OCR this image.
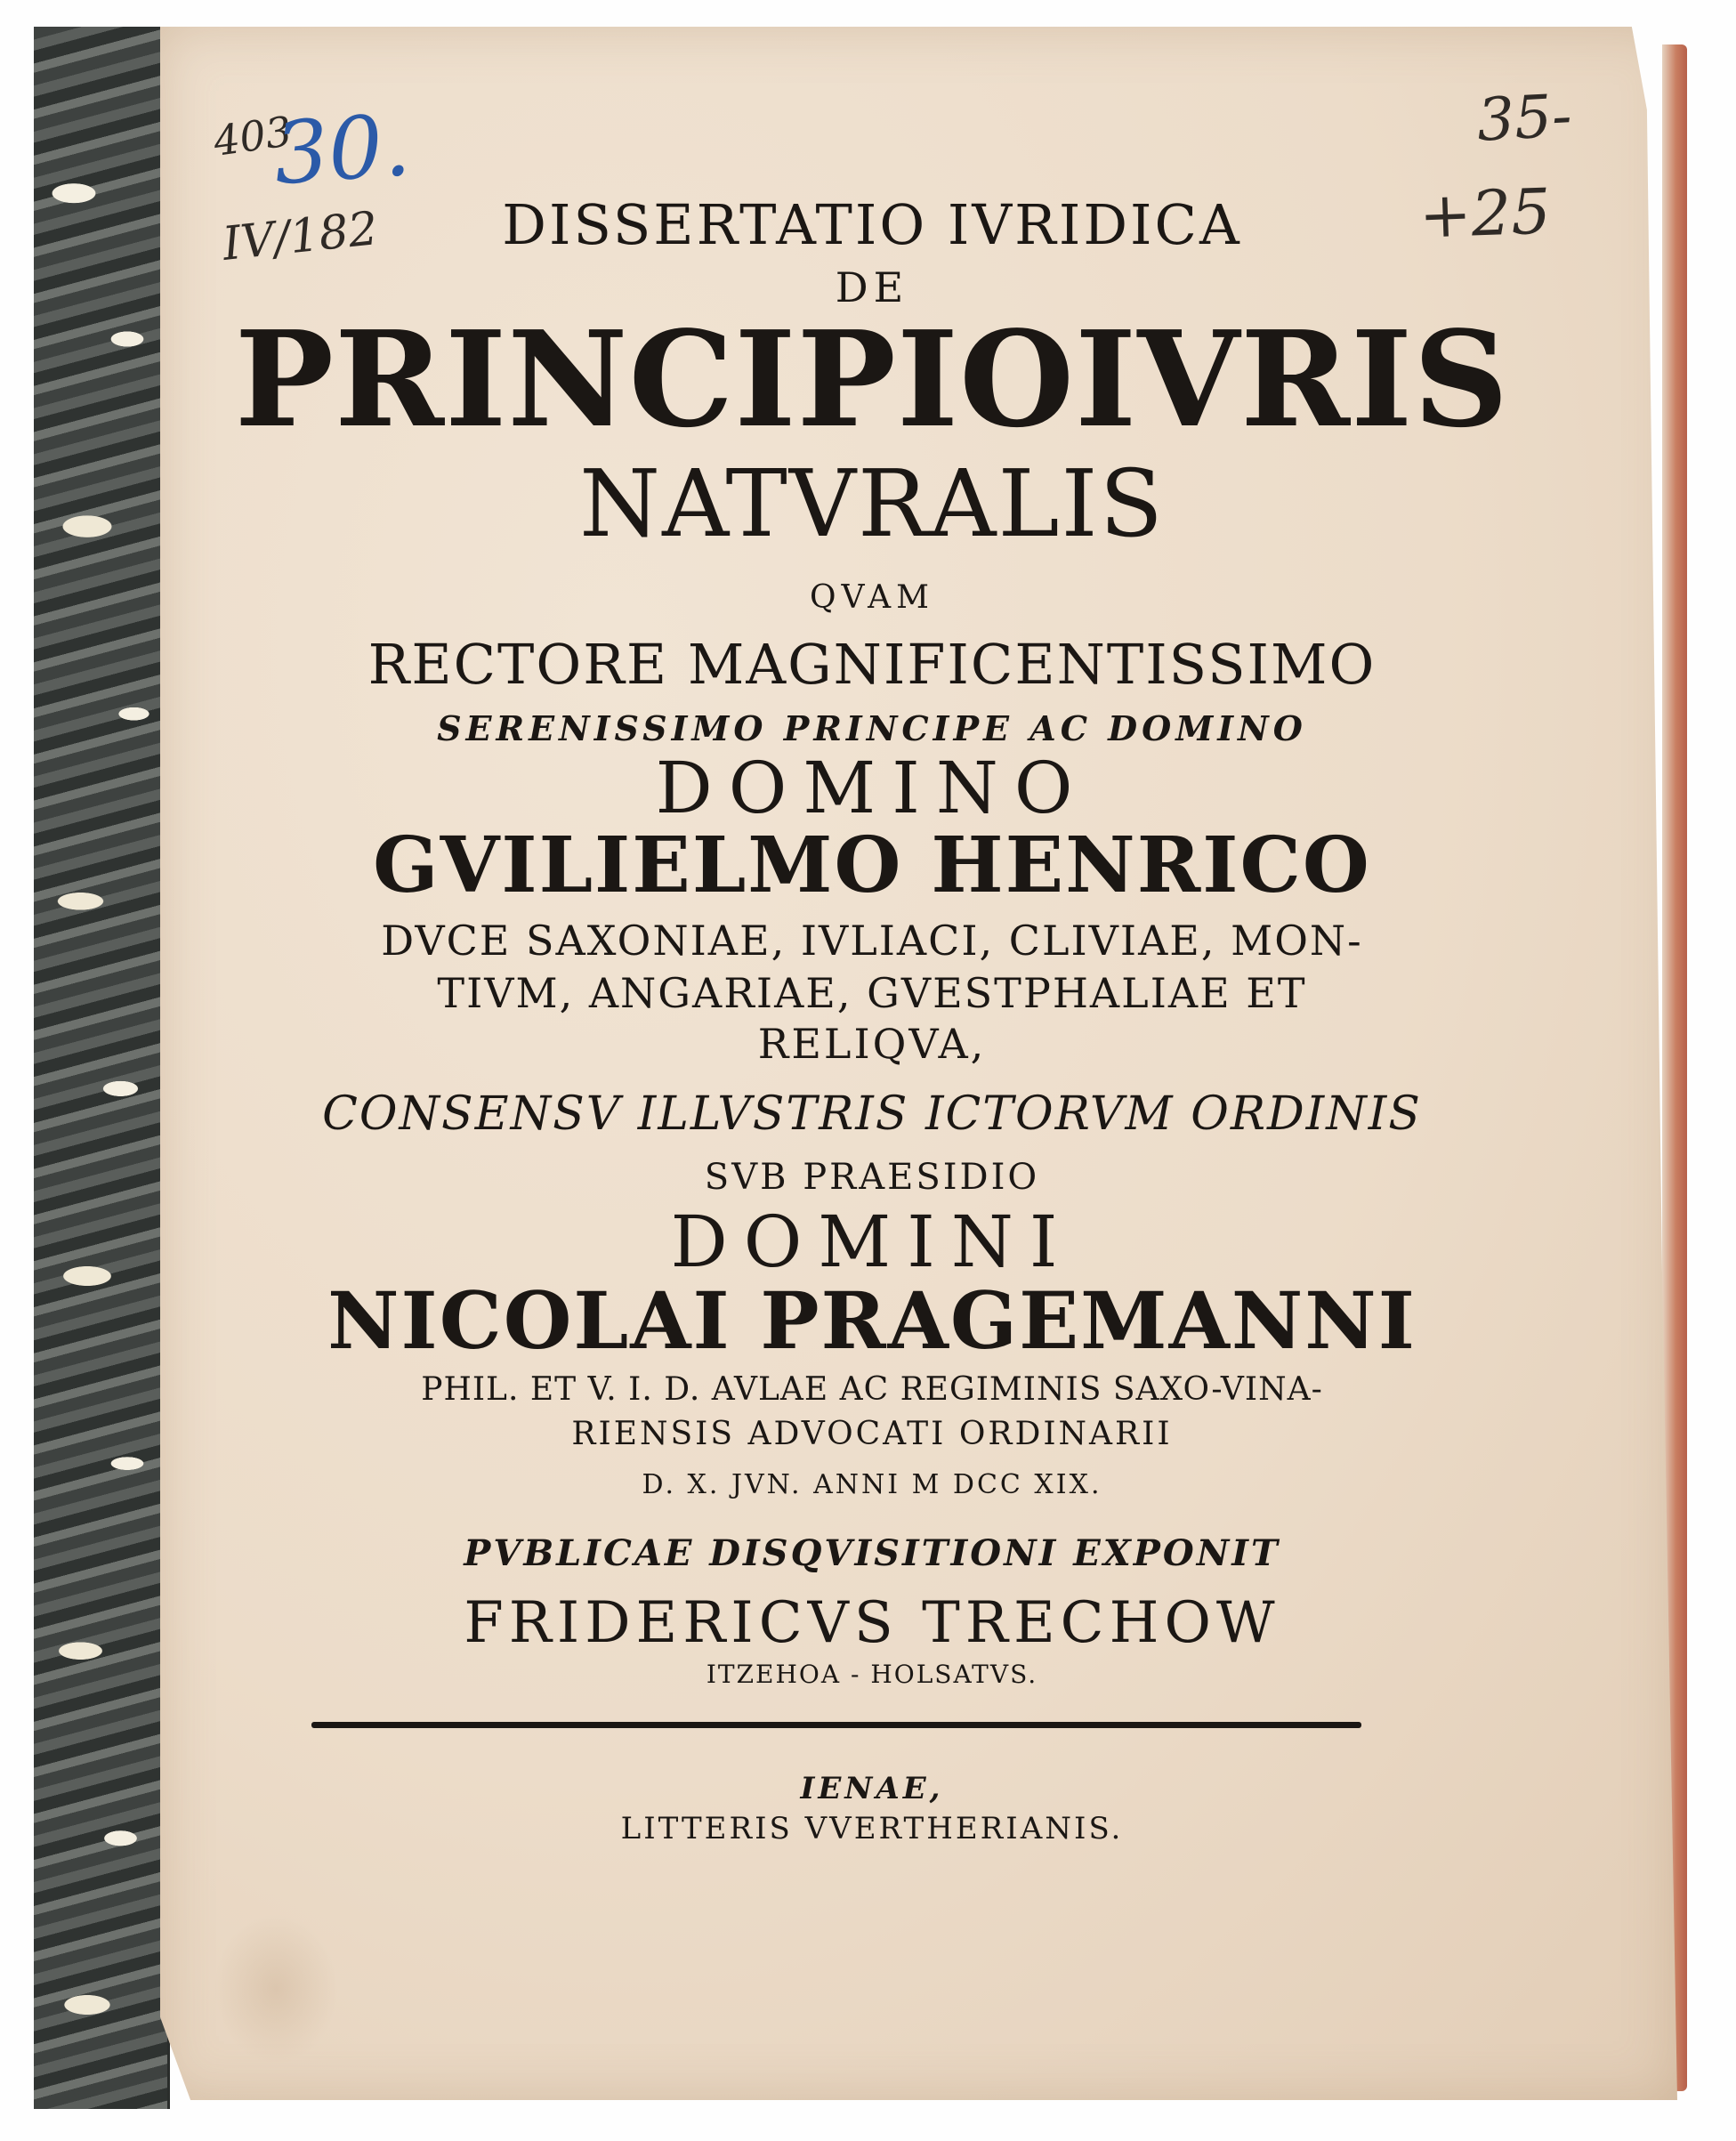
403
30.
IV/182
35-
+25
DISSERTATIO IVRIDICA
DE
PRINCIPIOIVRIS
NATVRALIS
QVAM
RECTORE MAGNIFICENTISSIMO
SERENISSIMO PRINCIPE AC DOMINO
DOMINO
GVILIELMO HENRICO
DVCE SAXONIAE, IVLIACI, CLIVIAE, MON-
TIVM, ANGARIAE, GVESTPHALIAE ET
RELIQVA,
CONSENSV ILLVSTRIS ICTORVM ORDINIS
SVB PRAESIDIO
DOMINI
NICOLAI PRAGEMANNI
PHIL. ET V. I. D. AVLAE AC REGIMINIS SAXO-VINA-
RIENSIS ADVOCATI ORDINARII
D. X. JVN. ANNI M DCC XIX.
PVBLICAE DISQVISITIONI EXPONIT
FRIDERICVS TRECHOW
ITZEHOA - HOLSATVS.
IENAE,
LITTERIS VVERTHERIANIS.
